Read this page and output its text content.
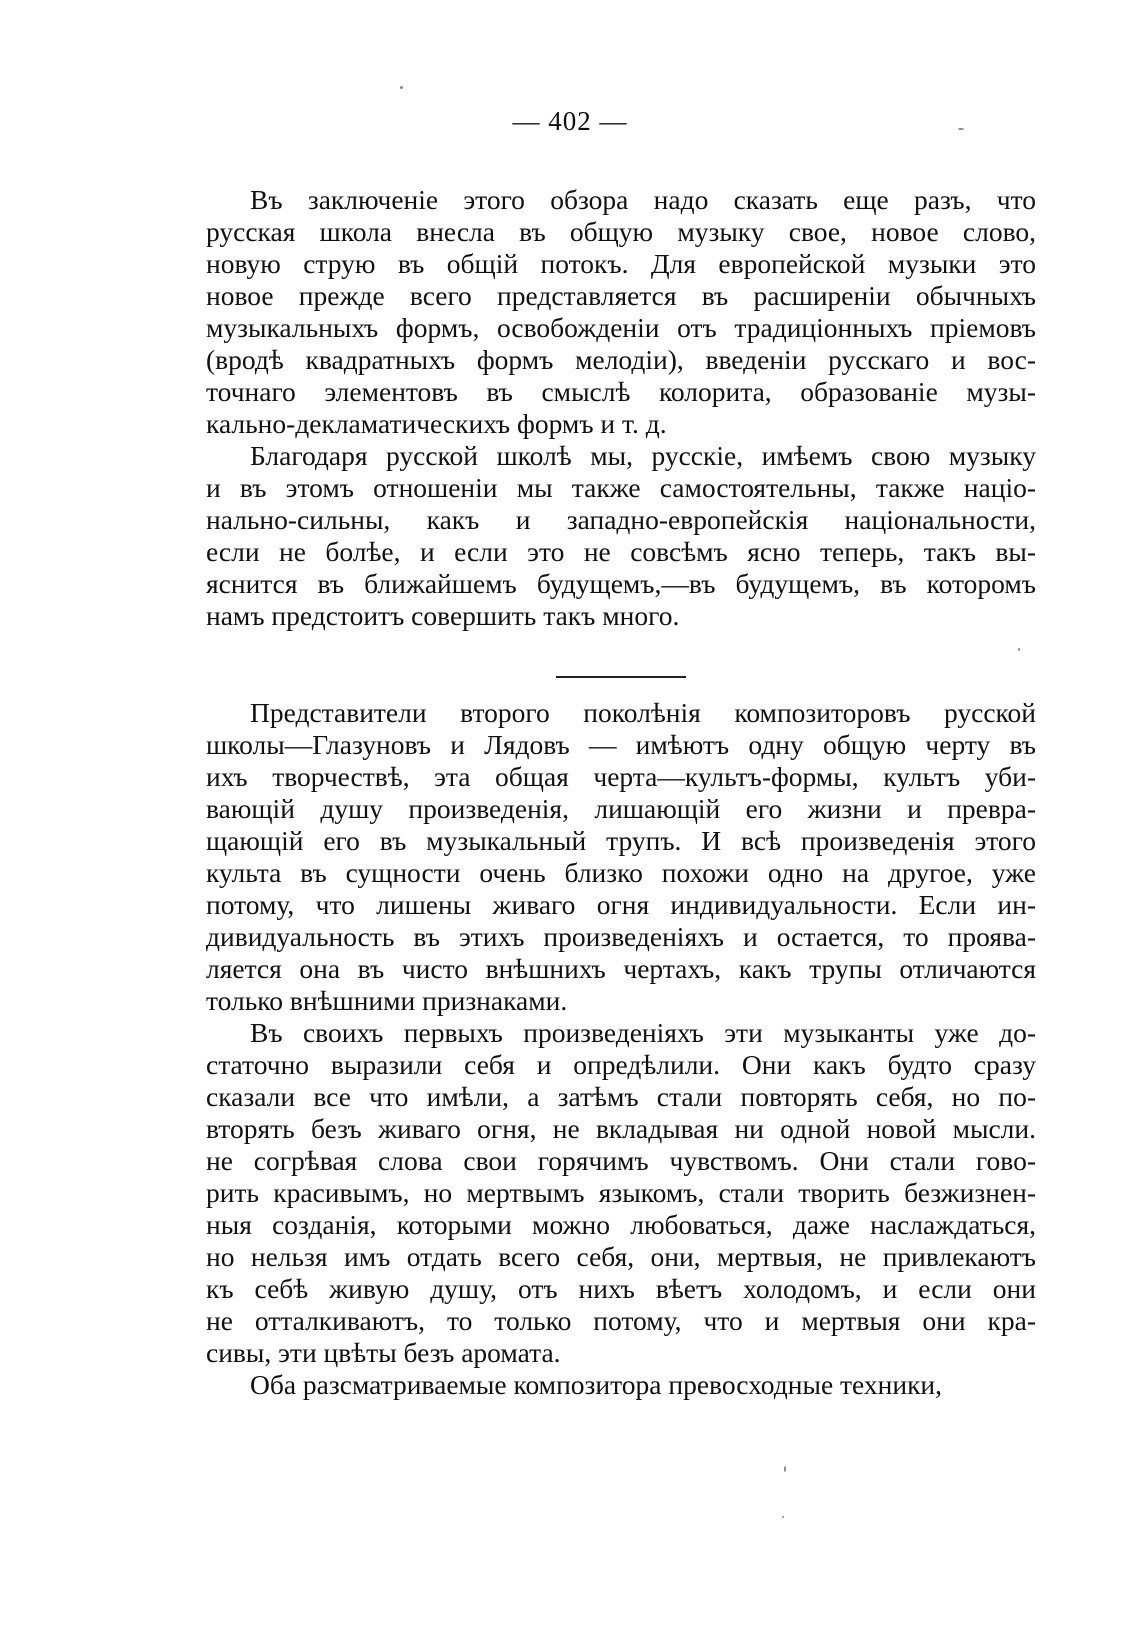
— 402 —
Въ заключеніе этого обзора надо сказать еще разъ, что
русская школа внесла въ общую музыку свое, новое слово,
новую струю въ общій потокъ. Для европейской музыки это
новое прежде всего представляется въ расширеніи обычныхъ
музыкальныхъ формъ, освобожденіи отъ традиціонныхъ пріемовъ
(вродѣ квадратныхъ формъ мелодіи), введеніи русскаго и вос-
точнаго элементовъ въ смыслѣ колорита, образованіе музы-
кально-декламатическихъ формъ и т. д.
Благодаря русской школѣ мы, русскіе, имѣемъ свою музыку
и въ этомъ отношеніи мы также самостоятельны, также націо-
нально-сильны, какъ и западно-европейскія національности,
если не болѣе, и если это не совсѣмъ ясно теперь, такъ вы-
яснится въ ближайшемъ будущемъ,—въ будущемъ, въ которомъ
намъ предстоитъ совершить такъ много.
Представители второго поколѣнія композиторовъ русской
школы—Глазуновъ и Лядовъ — имѣютъ одну общую черту въ
ихъ творчествѣ, эта общая черта—культъ-формы, культъ уби-
вающій душу произведенія, лишающій его жизни и превра-
щающій его въ музыкальный трупъ. И всѣ произведенія этого
культа въ сущности очень близко похожи одно на другое, уже
потому, что лишены живаго огня индивидуальности. Если ин-
дивидуальность въ этихъ произведеніяхъ и остается, то проява-
ляется она въ чисто внѣшнихъ чертахъ, какъ трупы отличаются
только внѣшними признаками.
Въ своихъ первыхъ произведеніяхъ эти музыканты уже до-
статочно выразили себя и опредѣлили. Они какъ будто сразу
сказали все что имѣли, а затѣмъ стали повторять себя, но по-
вторять безъ живаго огня, не вкладывая ни одной новой мысли.
не согрѣвая слова свои горячимъ чувствомъ. Они стали гово-
рить красивымъ, но мертвымъ языкомъ, стали творить безжизнен-
ныя созданія, которыми можно любоваться, даже наслаждаться,
но нельзя имъ отдать всего себя, они, мертвыя, не привлекаютъ
къ себѣ живую душу, отъ нихъ вѣетъ холодомъ, и если они
не отталкиваютъ, то только потому, что и мертвыя они кра-
сивы, эти цвѣты безъ аромата.
Оба разсматриваемые композитора превосходные техники,
